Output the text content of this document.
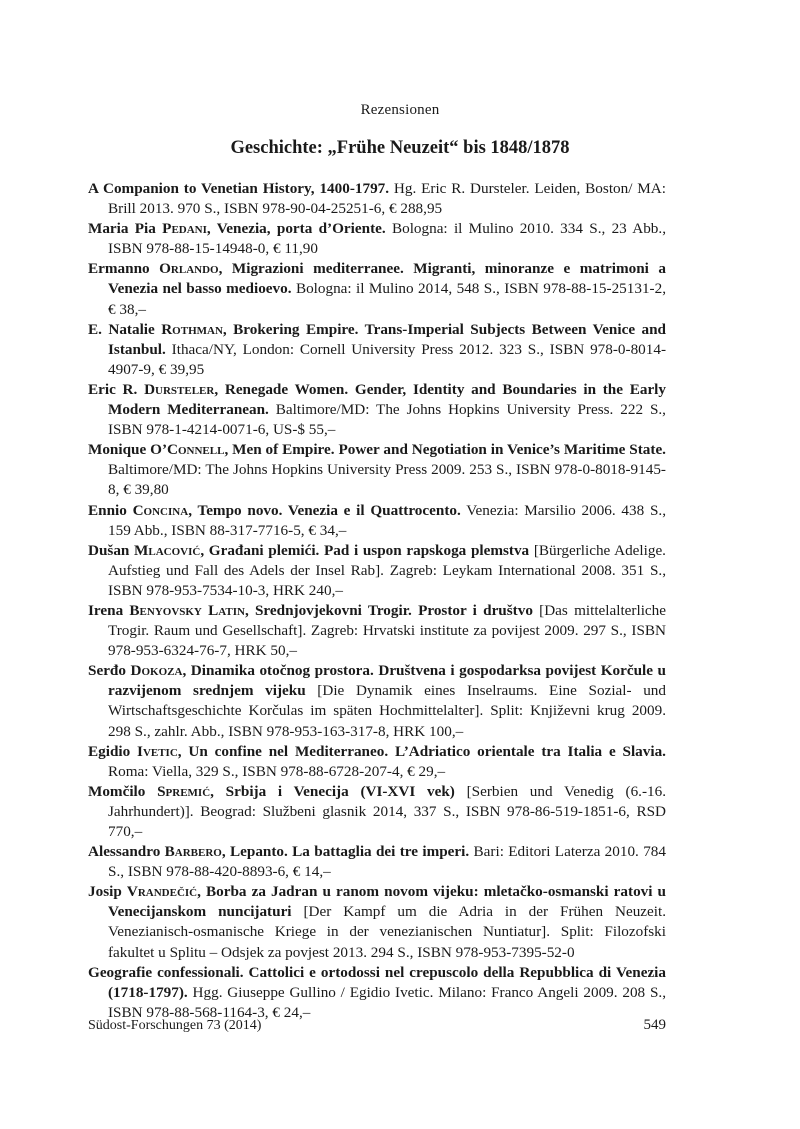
Rezensionen
Geschichte: „Frühe Neuzeit“ bis 1848/1878

A Companion to Venetian History, 1400-1797. Hg. Eric R. Dursteler. Leiden, Boston/ MA: Brill 2013. 970 S., ISBN 978-90-04-25251-6, € 288,95

Maria Pia Pedani, Venezia, porta d’Oriente. Bologna: il Mulino 2010. 334 S., 23 Abb., ISBN 978-88-15-14948-0, € 11,90

Ermanno Orlando, Migrazioni mediterranee. Migranti, minoranze e matrimoni a Venezia nel basso medioevo. Bologna: il Mulino 2014, 548 S., ISBN 978-88-15-25131-2, € 38,–

E. Natalie Rothman, Brokering Empire. Trans-Imperial Subjects Between Venice and Istanbul. Ithaca/NY, London: Cornell University Press 2012. 323 S., ISBN 978-0-8014-4907-9, € 39,95

Eric R. Dursteler, Renegade Women. Gender, Identity and Boundaries in the Early Modern Mediterranean. Baltimore/MD: The Johns Hopkins University Press. 222 S., ISBN 978-1-4214-0071-6, US-$ 55,–

Monique O’Connell, Men of Empire. Power and Negotiation in Venice’s Maritime State. Baltimore/MD: The Johns Hopkins University Press 2009. 253 S., ISBN 978-0-8018-9145-8, € 39,80

Ennio Concina, Tempo novo. Venezia e il Quattrocento. Venezia: Marsilio 2006. 438 S., 159 Abb., ISBN 88-317-7716-5, € 34,–

Dušan Mlacović, Građani plemići. Pad i uspon rapskoga plemstva [Bürgerliche Adelige. Aufstieg und Fall des Adels der Insel Rab]. Zagreb: Leykam International 2008. 351 S., ISBN 978-953-7534-10-3, HRK 240,–

Irena Benyovsky Latin, Srednjovjekovni Trogir. Prostor i društvo [Das mittelalterliche Trogir. Raum und Gesellschaft]. Zagreb: Hrvatski institute za povijest 2009. 297 S., ISBN 978-953-6324-76-7, HRK 50,–

Serđo Dokoza, Dinamika otočnog prostora. Društvena i gospodarksa povijest Korčule u razvijenom srednjem vijeku [Die Dynamik eines Inselraums. Eine Sozial- und Wirtschaftsgeschichte Korčulas im späten Hochmittelalter]. Split: Književni krug 2009. 298 S., zahlr. Abb., ISBN 978-953-163-317-8, HRK 100,–

Egidio Ivetic, Un confine nel Mediterraneo. L’Adriatico orientale tra Italia e Slavia. Roma: Viella, 329 S., ISBN 978-88-6728-207-4, € 29,–

Momčilo Spremić, Srbija i Venecija (VI-XVI vek) [Serbien und Venedig (6.-16. Jahrhundert)]. Beograd: Službeni glasnik 2014, 337 S., ISBN 978-86-519-1851-6, RSD 770,–

Alessandro Barbero, Lepanto. La battaglia dei tre imperi. Bari: Editori Laterza 2010. 784 S., ISBN 978-88-420-8893-6, € 14,–

Josip Vrandečić, Borba za Jadran u ranom novom vijeku: mletačko-osmanski ratovi u Venecijanskom nuncijaturi [Der Kampf um die Adria in der Frühen Neuzeit. Venezianisch-osmanische Kriege in der venezianischen Nuntiatur]. Split: Filozofski fakultet u Splitu – Odsjek za povjest 2013. 294 S., ISBN 978-953-7395-52-0

Geografie confessionali. Cattolici e ortodossi nel crepuscolo della Repubblica di Venezia (1718-1797). Hgg. Giuseppe Gullino / Egidio Ivetic. Milano: Franco Angeli 2009. 208 S., ISBN 978-88-568-1164-3, € 24,–

Südost-Forschungen 73 (2014)	549
